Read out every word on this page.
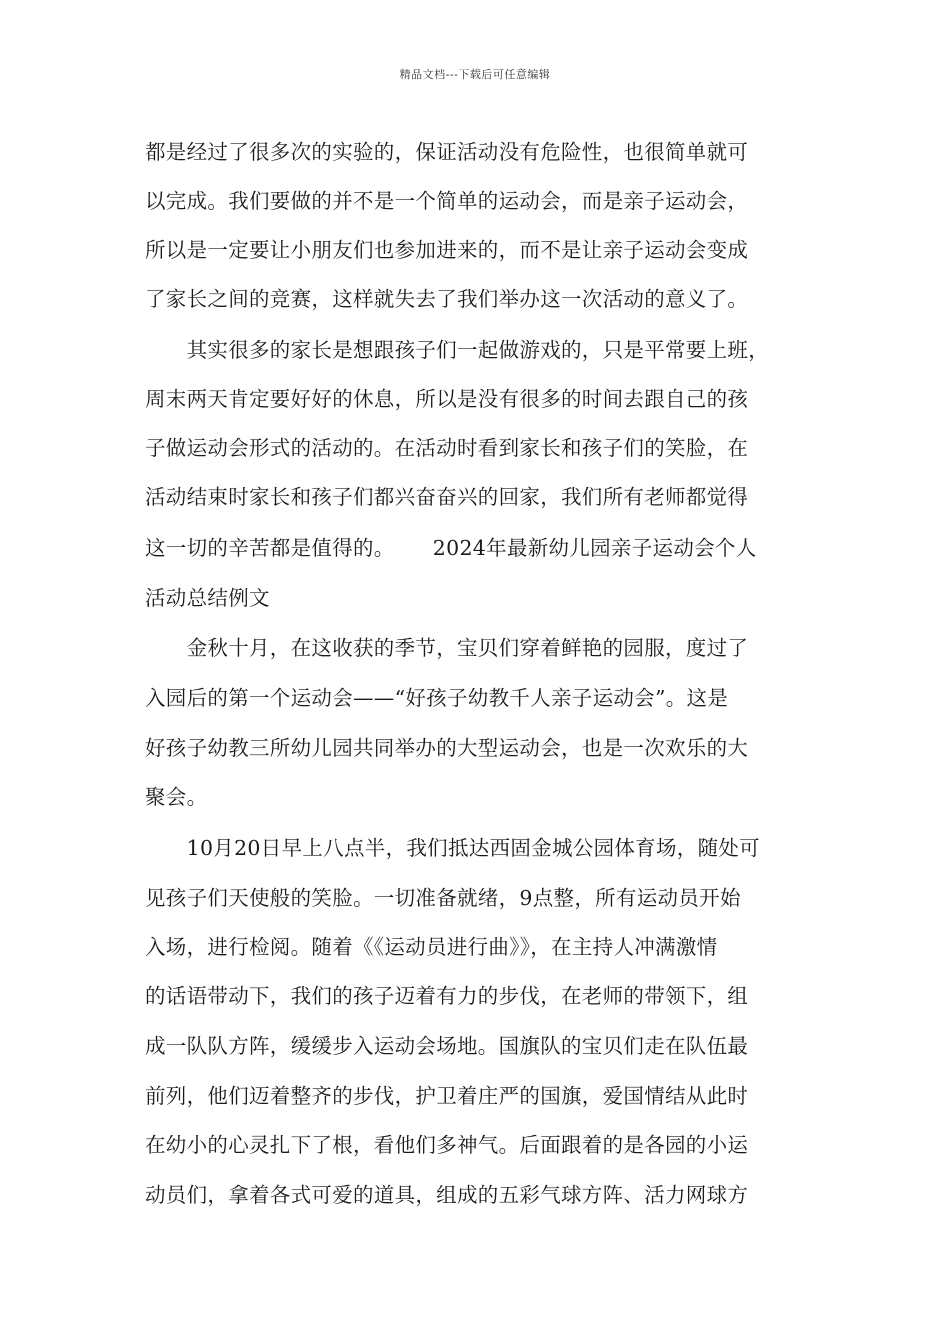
精品文档---下载后可任意编辑
都是经过了很多次的实验的，保证活动没有危险性，也很简单就可
以完成。我们要做的并不是一个简单的运动会，而是亲子运动会，
所以是一定要让小朋友们也参加进来的，而不是让亲子运动会变成
了家长之间的竞赛，这样就失去了我们举办这一次活动的意义了。
　　其实很多的家长是想跟孩子们一起做游戏的，只是平常要上班，
周末两天肯定要好好的休息，所以是没有很多的时间去跟自己的孩
子做运动会形式的活动的。在活动时看到家长和孩子们的笑脸，在
活动结束时家长和孩子们都兴奋奋兴的回家，我们所有老师都觉得
这一切的辛苦都是值得的。　　 2024年最新幼儿园亲子运动会个人
活动总结例文
　　金秋十月，在这收获的季节，宝贝们穿着鲜艳的园服，度过了
入园后的第一个运动会——“好孩子幼教千人亲子运动会”。这是
好孩子幼教三所幼儿园共同举办的大型运动会，也是一次欢乐的大
聚会。
　　10月20日早上八点半，我们抵达西固金城公园体育场，随处可
见孩子们天使般的笑脸。一切准备就绪，9点整，所有运动员开始
入场，进行检阅。随着《《运动员进行曲》》，在主持人冲满激情
的话语带动下，我们的孩子迈着有力的步伐，在老师的带领下，组
成一队队方阵，缓缓步入运动会场地。国旗队的宝贝们走在队伍最
前列，他们迈着整齐的步伐，护卫着庄严的国旗，爱国情结从此时
在幼小的心灵扎下了根，看他们多神气。后面跟着的是各园的小运
动员们，拿着各式可爱的道具，组成的五彩气球方阵、活力网球方
